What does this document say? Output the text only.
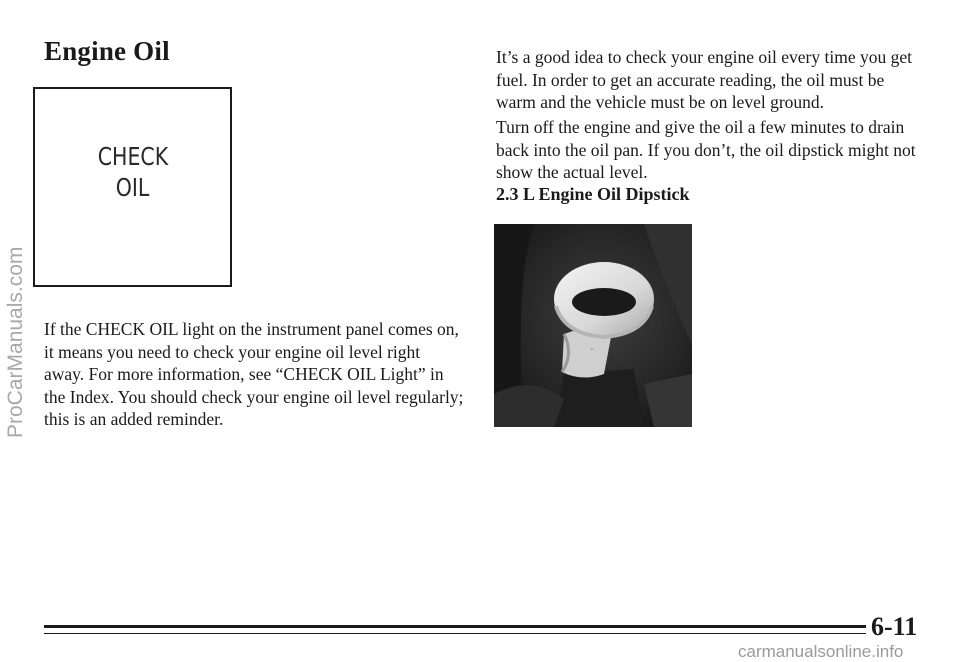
Engine Oil
CHECK
OIL

If the CHECK OIL light on the instrument panel comes on, it means you need to check your engine oil level right away. For more information, see “CHECK OIL Light” in the Index. You should check your engine oil level regularly; this is an added reminder.

It’s a good idea to check your engine oil every time you get fuel. In order to get an accurate reading, the oil must be warm and the vehicle must be on level ground.

Turn off the engine and give the oil a few minutes to drain back into the oil pan. If you don’t, the oil dipstick might not show the actual level.

2.3 L Engine Oil Dipstick
-
6-11
ProCarManuals.com
carmanualsonline.info
